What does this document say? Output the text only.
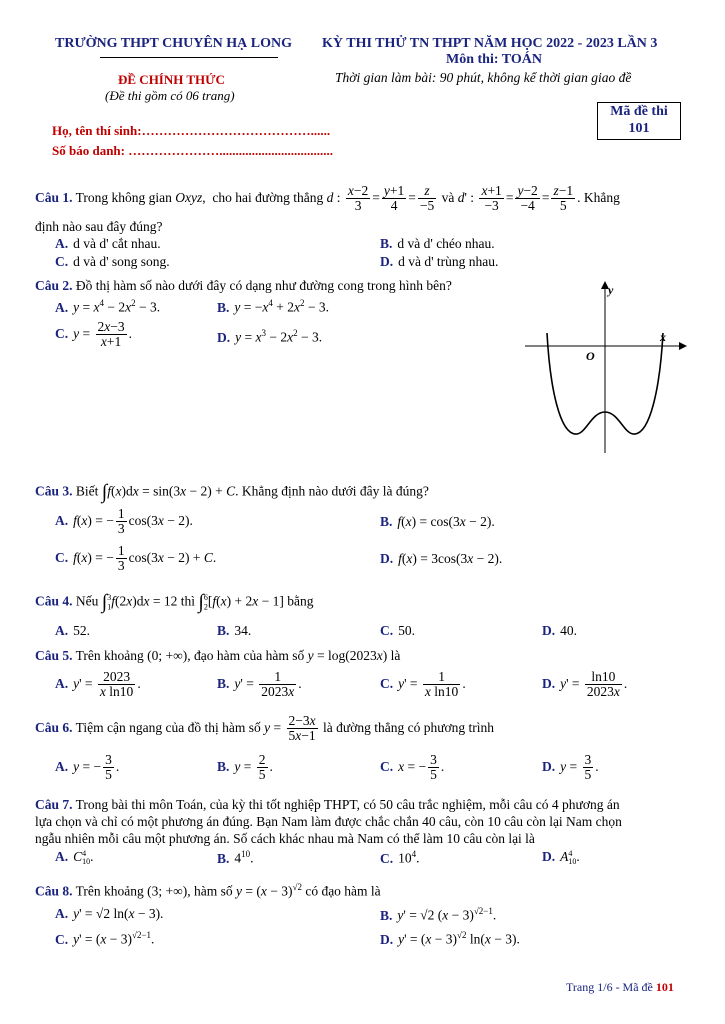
TRƯỜNG THPT CHUYÊN HẠ LONG KỲ THI THỬ TN THPT NĂM HỌC 2022 - 2023 LẦN 3
Môn thi: TOÁN
ĐỀ CHÍNH THỨC	Thời gian làm bài: 90 phút, không kể thời gian giao đề
(Đề thi gồm có 06 trang)
Mã đề thi
101
Họ, tên thí sinh:…………………………………......
Số báo danh: …………………...................................
Câu 1. Trong không gian Oxyz,  cho hai đường thẳng d : $\frac{x-2}{3} = \frac{y+1}{4} = \frac{z}{-5}$ và d' : $\frac{x+1}{-3} = \frac{y-2}{-4} = \frac{z-1}{5}$ . Khẳng
định nào sau đây đúng?
A. d và d' cắt nhau.	B. d và d' chéo nhau.
C. d và d' song song.	D. d và d' trùng nhau.
Câu 2. Đồ thị hàm số nào dưới đây có dạng như đường cong trong hình bên?
A. $y = x^4 - 2x^2 - 3$.	B. $y = -x^4 + 2x^2 - 3$.
C. $y = \frac{2x-3}{x+1}$ .	D. $y = x^3 - 2x^2 - 3$.
y
x
O
Câu 3. Biết ∫f(x)dx = sin(3x − 2) + C. Khẳng định nào dưới đây là đúng?
A. f(x) = − $\frac{1}{3} \cos(3x - 2)$.	B. f(x) = cos(3x − 2).
C. f(x) = − $\frac{1}{3} \cos(3x - 2) + C$.	D. f(x) = 3cos(3x − 2).
Câu 4. Nếu $\int_1^3f(2x)dx = 12$ thì $\int_2^6[f(x) + 2x - 1]$ bằng
A. 52.	B. 34.	C. 50.	D. 40.
Câu 5. Trên khoảng (0; +∞), đạo hàm của hàm số y = log(2023x) là
A. $y' = \frac{2023}{\text{x ln10}}$ .	B. $y' = \frac{1}{2023x}$ .	C. $y' = \frac{1}{\text{x ln10}}$ .	D. $y' = \frac{\ln 10}{2023x}$ .
Câu 6. Tiệm cận ngang của đồ thị hàm số $y = \frac{2-3x}{5x-1}$ là đường thẳng có phương trình
A. y = − $\frac{3}{5}$ .	B. $y = \frac{2}{5}$ .	C. x = − $\frac{3}{5}$ .	D. $y = \frac{3}{5}$ .
Câu 7. Trong bài thi môn Toán, của kỳ thi tốt nghiệp THPT, có 50 câu trắc nghiệm, mỗi câu có 4 phương án
lựa chọn và chỉ có một phương án đúng. Bạn Nam làm được chắc chắn 40 câu, còn 10 câu còn lại Nam chọn
ngẫu nhiên mỗi câu một phương án. Số cách khác nhau mà Nam có thể làm 10 câu còn lại là
A. C 4
10 .	B. $4^{10}$.	C. $10^4$.	D. A 4
10 .
Câu 8. Trên khoảng (3; +∞), hàm số $y = (x - 3)^{√2}$ có đạo hàm là
A. y' = √2 ln(x − 3).	B. y' = √2 $(x - 3)^{√2-1}$.
C. $y' = (x - 3)^{√2-1}$.	D. $y' = (x - 3)^{√2}$ ln(x − 3).
Trang 1/6 - Mã đề 101
